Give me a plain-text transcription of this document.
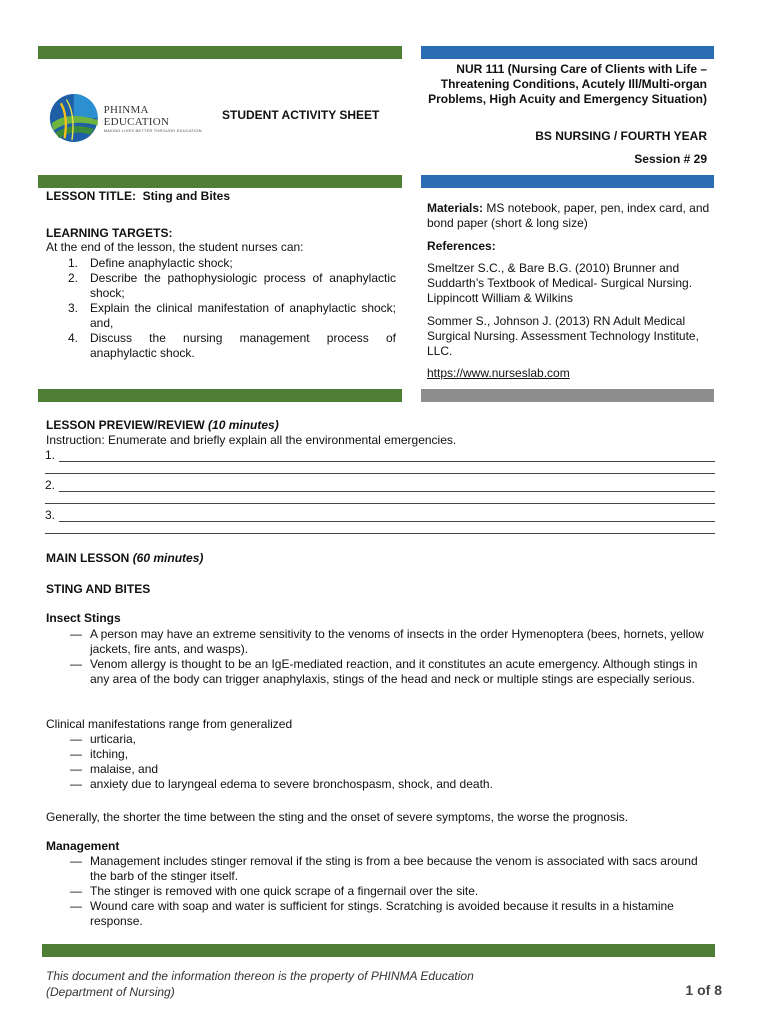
PHINMA EDUCATION
MAKING LIVES BETTER THROUGH EDUCATION
STUDENT ACTIVITY SHEET
NUR 111 (Nursing Care of Clients with Life – Threatening Conditions, Acutely Ill/Multi-organ Problems, High Acuity and Emergency Situation)
BS NURSING / FOURTH YEAR
Session # 29
LESSON TITLE: Sting and Bites
LEARNING TARGETS:
At the end of the lesson, the student nurses can:
1. Define anaphylactic shock;
2. Describe the pathophysiologic process of anaphylactic shock;
3. Explain the clinical manifestation of anaphylactic shock; and,
4. Discuss the nursing management process of anaphylactic shock.
Materials: MS notebook, paper, pen, index card, and bond paper (short & long size)
References:
Smeltzer S.C., & Bare B.G. (2010) Brunner and Suddarth’s Textbook of Medical- Surgical Nursing. Lippincott William & Wilkins
Sommer S., Johnson J. (2013) RN Adult Medical Surgical Nursing. Assessment Technology Institute, LLC.
https://www.nurseslab.com
LESSON PREVIEW/REVIEW (10 minutes)
Instruction: Enumerate and briefly explain all the environmental emergencies.
1.
2.
3.
MAIN LESSON (60 minutes)
STING AND BITES
Insect Stings
— A person may have an extreme sensitivity to the venoms of insects in the order Hymenoptera (bees, hornets, yellow jackets, fire ants, and wasps).
— Venom allergy is thought to be an IgE-mediated reaction, and it constitutes an acute emergency. Although stings in any area of the body can trigger anaphylaxis, stings of the head and neck or multiple stings are especially serious.
Clinical manifestations range from generalized
— urticaria,
— itching,
— malaise, and
— anxiety due to laryngeal edema to severe bronchospasm, shock, and death.
Generally, the shorter the time between the sting and the onset of severe symptoms, the worse the prognosis.
Management
— Management includes stinger removal if the sting is from a bee because the venom is associated with sacs around the barb of the stinger itself.
— The stinger is removed with one quick scrape of a fingernail over the site.
— Wound care with soap and water is sufficient for stings. Scratching is avoided because it results in a histamine response.
This document and the information thereon is the property of PHINMA Education (Department of Nursing)	1 of 8
